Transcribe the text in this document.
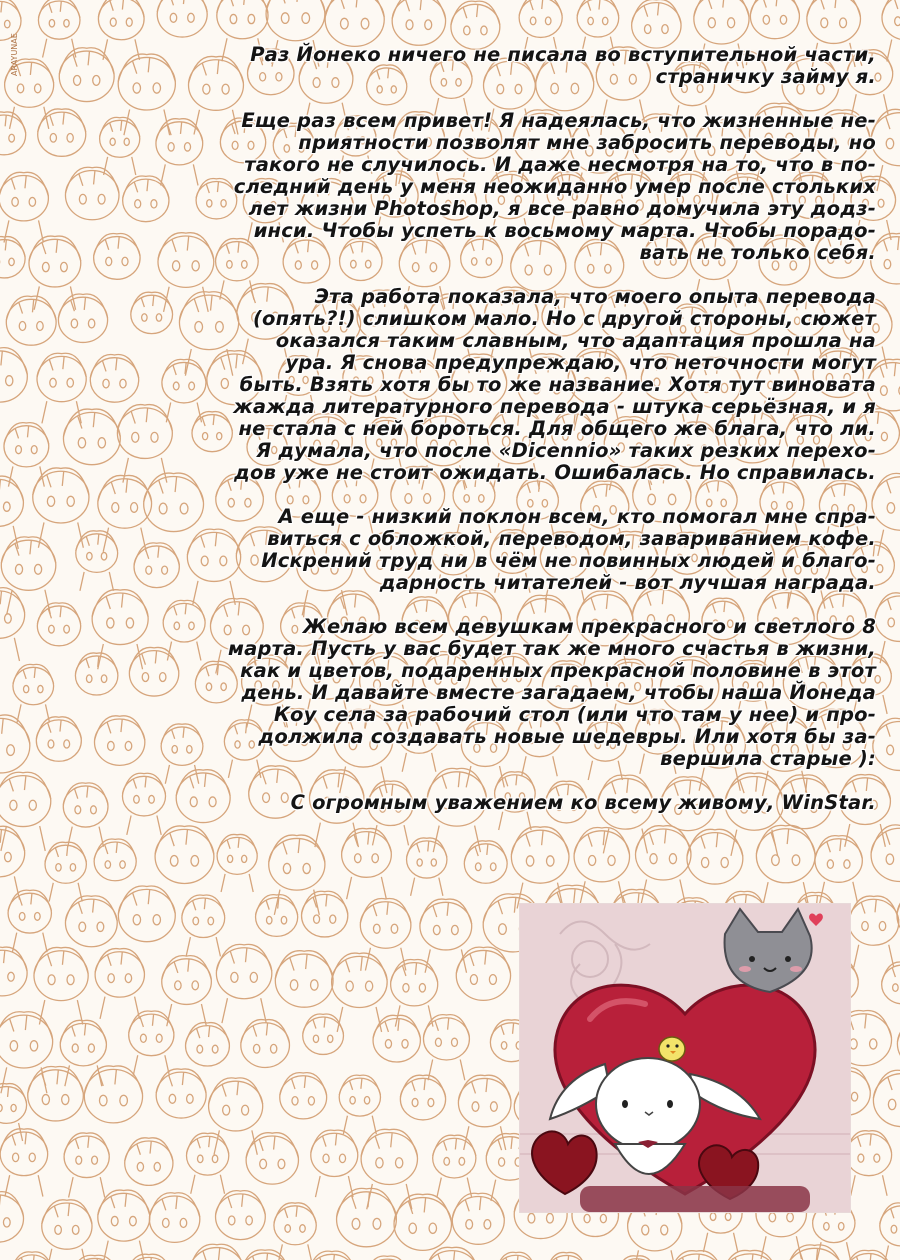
ARAYUNAE	Раз Йонеко ничего не писала во вступительной части,
страничку займу я.

Еще раз всем привет! Я надеялась, что жизненные не-
приятности позволят мне забросить переводы, но
такого не случилось. И даже несмотря на то, что в по-
следний день у меня неожиданно умер после стольких
лет жизни Photoshop, я все равно домучила эту додз-
инси. Чтобы успеть к восьмому марта. Чтобы порадо-
вать не только себя.

Эта работа показала, что моего опыта перевода
(опять?!) слишком мало. Но с другой стороны, сюжет
оказался таким славным, что адаптация прошла на
ура. Я снова предупреждаю, что неточности могут
быть. Взять хотя бы то же название. Хотя тут виновата
жажда литературного перевода - штука серьёзная, и я
не стала с ней бороться. Для общего же блага, что ли.
Я думала, что после «Dicennio» таких резких перехо-
дов уже не стоит ожидать. Ошибалась. Но справилась.

А еще - низкий поклон всем, кто помогал мне спра-
виться с обложкой, переводом, завариванием кофе.
Искрений труд ни в чём не повинных людей и благо-
дарность читателей - вот лучшая награда.

Желаю всем девушкам прекрасного и светлого 8
марта. Пусть у вас будет так же много счастья в жизни,
как и цветов, подаренных прекрасной половине в этот
день. И давайте вместе загадаем, чтобы наша Йонеда
Коу села за рабочий стол (или что там у нее) и про-
должила создавать новые шедевры. Или хотя бы за-
вершила старые ):

С огромным уважением ко всему живому, WinStar.
